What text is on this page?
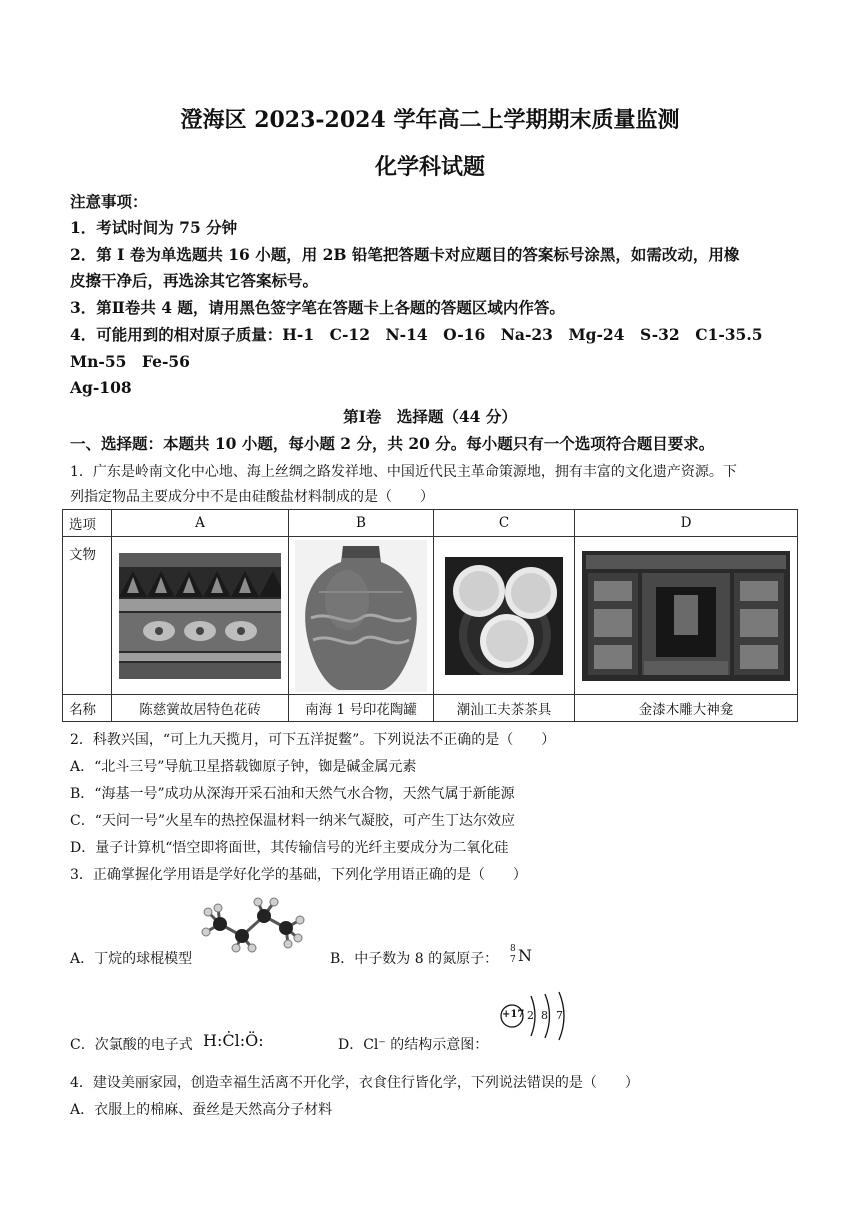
澄海区 2023-2024 学年高二上学期期末质量监测
化学科试题
注意事项：
1．考试时间为 75 分钟
2．第 I 卷为单选题共 16 小题，用 2B 铅笔把答题卡对应题目的答案标号涂黑，如需改动，用橡
皮擦干净后，再选涂其它答案标号。
3．第Ⅱ卷共 4 题，请用黑色签字笔在答题卡上各题的答题区域内作答。
4．可能用到的相对原子质量：H-1　C-12　N-14　O-16　Na-23　Mg-24　S-32　C1-35.5
Mn-55　Fe-56
Ag-108
第Ⅰ卷　选择题（44 分）
一、选择题：本题共 10 小题，每小题 2 分，共 20 分。每小题只有一个选项符合题目要求。
1．广东是岭南文化中心地、海上丝绸之路发祥地、中国近代民主革命策源地，拥有丰富的文化遗产资源。下
列指定物品主要成分中不是由硅酸盐材料制成的是（　　）
选项	A	B	C	D
文物	

名称	陈慈黉故居特色花砖	南海 1 号印花陶罐	潮汕工夫茶茶具	金漆木雕大神龛
2．科教兴国，“可上九天揽月，可下五洋捉鳖”。下列说法不正确的是（　　）
A．“北斗三号”导航卫星搭载铷原子钟，铷是碱金属元素
B．“海基一号”成功从深海开采石油和天然气水合物，天然气属于新能源
C．“天问一号”火星车的热控保温材料一纳米气凝胶，可产生丁达尔效应
D．量子计算机“悟空即将面世，其传输信号的光纤主要成分为二氧化硅
3．正确掌握化学用语是学好化学的基础，下列化学用语正确的是（　　）
A．丁烷的球棍模型	B．中子数为 8 的氮原子：
8
7 N
C．次氯酸的电子式 H:Ċl:Ö:	D．Cl⁻ 的结构示意图：
+17 2 8 7
4．建设美丽家园，创造幸福生活离不开化学，衣食住行皆化学，下列说法错误的是（　　）
A．衣服上的棉麻、蚕丝是天然高分子材料
